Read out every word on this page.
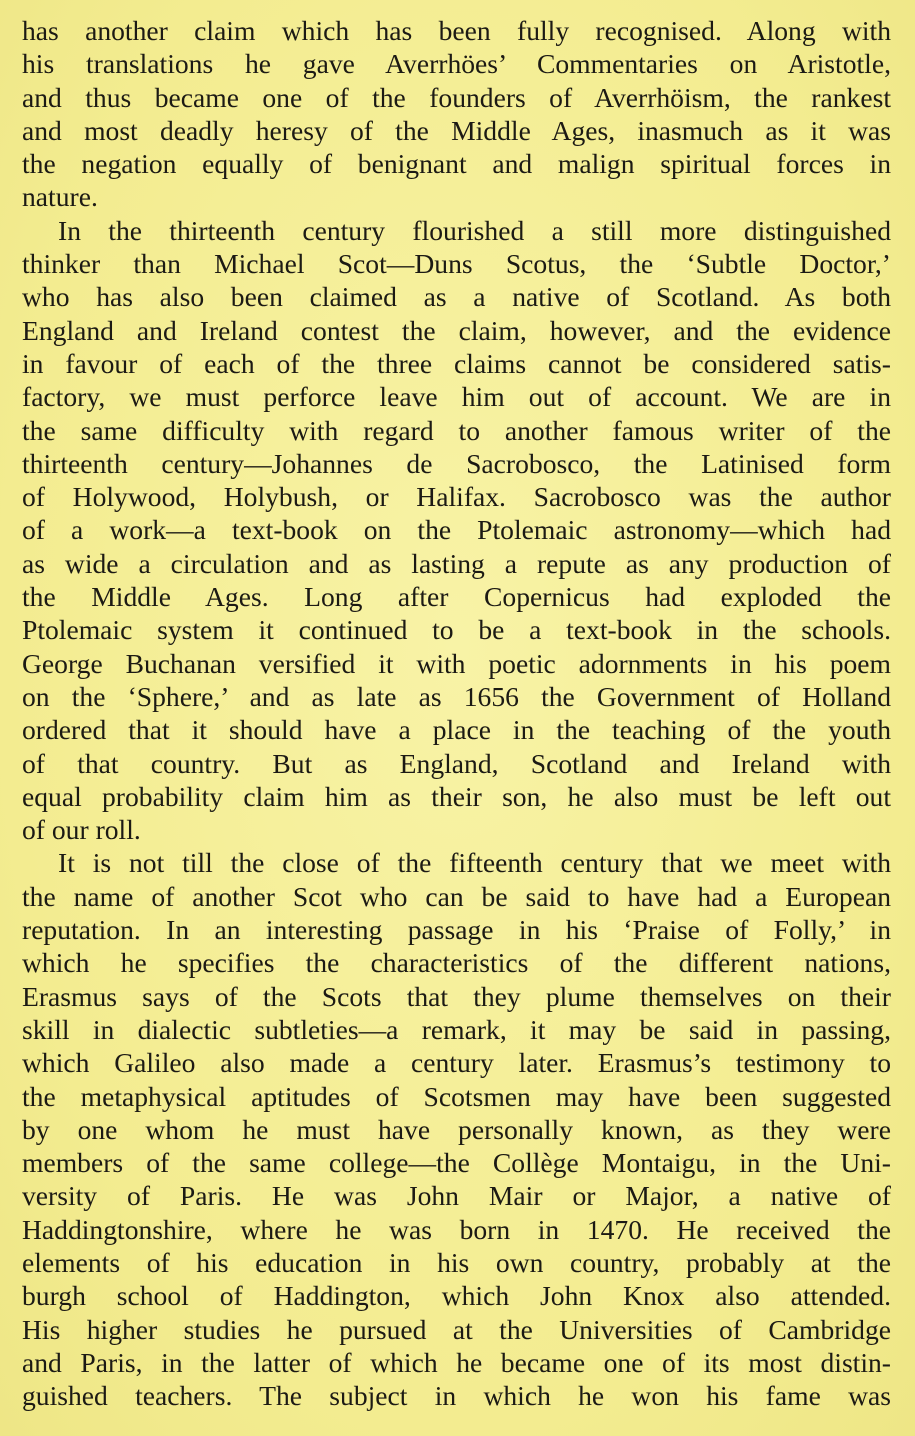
has another claim which has been fully recognised. Along with
his translations he gave Averrhöes’ Commentaries on Aristotle,
and thus became one of the founders of Averrhöism, the rankest
and most deadly heresy of the Middle Ages, inasmuch as it was
the negation equally of benignant and malign spiritual forces in
nature.
In the thirteenth century flourished a still more distinguished
thinker than Michael Scot—Duns Scotus, the ‘Subtle Doctor,’
who has also been claimed as a native of Scotland. As both
England and Ireland contest the claim, however, and the evidence
in favour of each of the three claims cannot be considered satis-
factory, we must perforce leave him out of account. We are in
the same difficulty with regard to another famous writer of the
thirteenth century—Johannes de Sacrobosco, the Latinised form
of Holywood, Holybush, or Halifax. Sacrobosco was the author
of a work—a text-book on the Ptolemaic astronomy—which had
as wide a circulation and as lasting a repute as any production of
the Middle Ages. Long after Copernicus had exploded the
Ptolemaic system it continued to be a text-book in the schools.
George Buchanan versified it with poetic adornments in his poem
on the ‘Sphere,’ and as late as 1656 the Government of Holland
ordered that it should have a place in the teaching of the youth
of that country. But as England, Scotland and Ireland with
equal probability claim him as their son, he also must be left out
of our roll.
It is not till the close of the fifteenth century that we meet with
the name of another Scot who can be said to have had a European
reputation. In an interesting passage in his ‘Praise of Folly,’ in
which he specifies the characteristics of the different nations,
Erasmus says of the Scots that they plume themselves on their
skill in dialectic subtleties—a remark, it may be said in passing,
which Galileo also made a century later. Erasmus’s testimony to
the metaphysical aptitudes of Scotsmen may have been suggested
by one whom he must have personally known, as they were
members of the same college—the Collège Montaigu, in the Uni-
versity of Paris. He was John Mair or Major, a native of
Haddingtonshire, where he was born in 1470. He received the
elements of his education in his own country, probably at the
burgh school of Haddington, which John Knox also attended.
His higher studies he pursued at the Universities of Cambridge
and Paris, in the latter of which he became one of its most distin-
guished teachers. The subject in which he won his fame was
